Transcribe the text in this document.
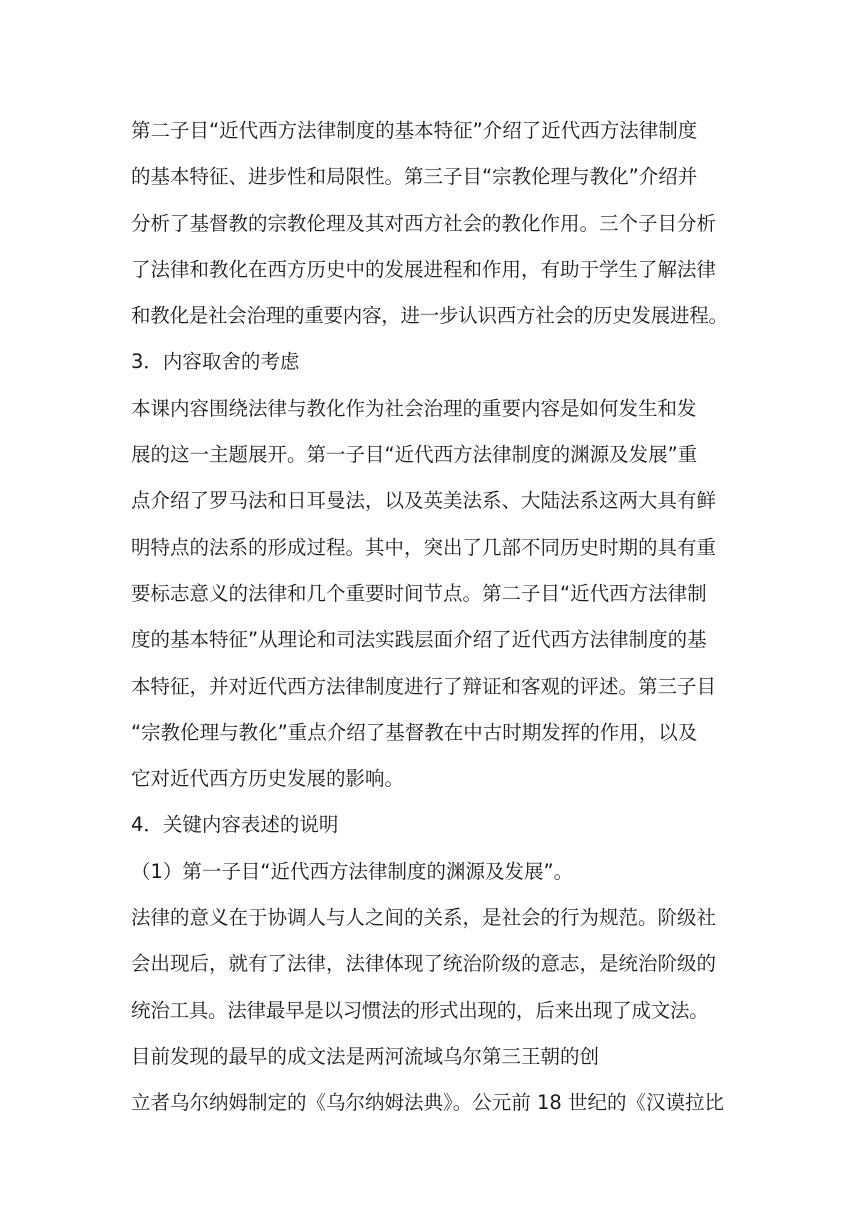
第二子目“近代西方法律制度的基本特征”介绍了近代西方法律制度
的基本特征、进步性和局限性。第三子目“宗教伦理与教化”介绍并
分析了基督教的宗教伦理及其对西方社会的教化作用。三个子目分析
了法律和教化在西方历史中的发展进程和作用，有助于学生了解法律
和教化是社会治理的重要内容，进一步认识西方社会的历史发展进程。
3．内容取舍的考虑
本课内容围绕法律与教化作为社会治理的重要内容是如何发生和发
展的这一主题展开。第一子目“近代西方法律制度的渊源及发展”重
点介绍了罗马法和日耳曼法，以及英美法系、大陆法系这两大具有鲜
明特点的法系的形成过程。其中，突出了几部不同历史时期的具有重
要标志意义的法律和几个重要时间节点。第二子目“近代西方法律制
度的基本特征”从理论和司法实践层面介绍了近代西方法律制度的基
本特征，并对近代西方法律制度进行了辩证和客观的评述。第三子目
“宗教伦理与教化”重点介绍了基督教在中古时期发挥的作用，以及
它对近代西方历史发展的影响。
4．关键内容表述的说明
（1）第一子目“近代西方法律制度的渊源及发展”。
法律的意义在于协调人与人之间的关系，是社会的行为规范。阶级社
会出现后，就有了法律，法律体现了统治阶级的意志，是统治阶级的
统治工具。法律最早是以习惯法的形式出现的，后来出现了成文法。
目前发现的最早的成文法是两河流域乌尔第三王朝的创
立者乌尔纳姆制定的《乌尔纳姆法典》。公元前 18 世纪的《汉谟拉比
